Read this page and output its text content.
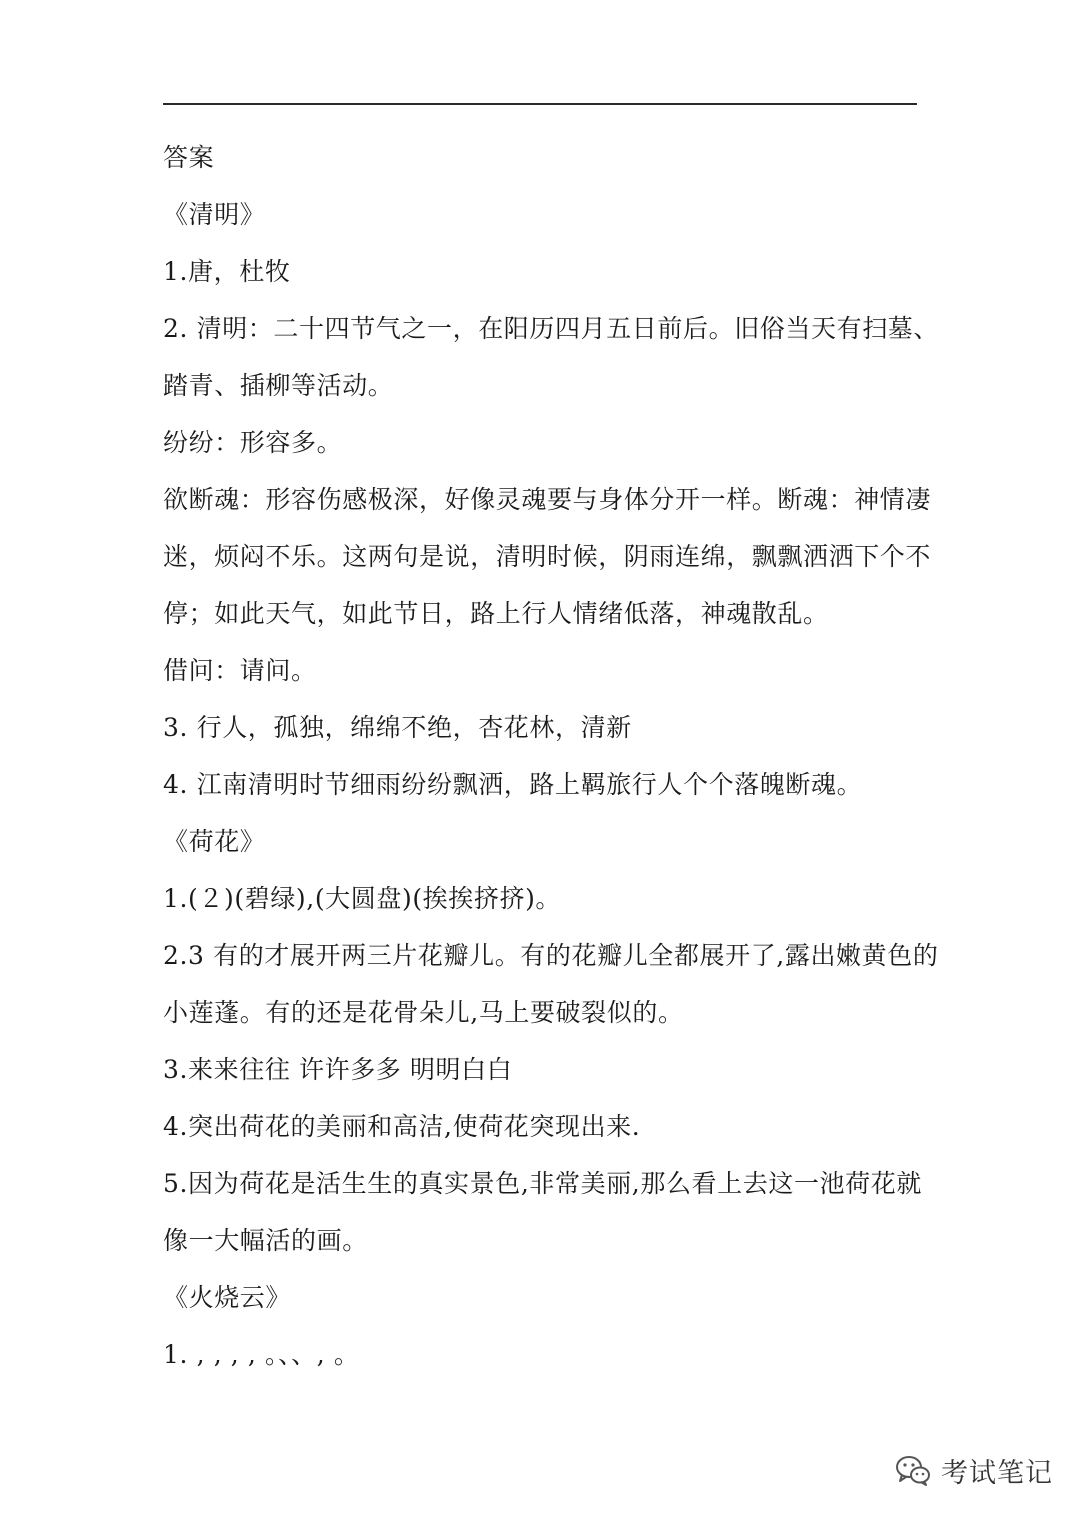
答案
《清明》
1.唐，杜牧
2. 清明：二十四节气之一，在阳历四月五日前后。旧俗当天有扫墓、
踏青、插柳等活动。
纷纷：形容多。
欲断魂：形容伤感极深，好像灵魂要与身体分开一样。断魂：神情凄
迷，烦闷不乐。这两句是说，清明时候，阴雨连绵，飘飘洒洒下个不
停；如此天气，如此节日，路上行人情绪低落，神魂散乱。
借问：请问。
3. 行人，孤独，绵绵不绝，杏花林，清新
4. 江南清明时节细雨纷纷飘洒，路上羁旅行人个个落魄断魂。
《荷花》
1.(２)(碧绿),(大圆盘)(挨挨挤挤)。
2.3 有的才展开两三片花瓣儿。有的花瓣儿全都展开了,露出嫩黄色的
小莲蓬。有的还是花骨朵儿,马上要破裂似的。
3.来来往往 许许多多 明明白白
4.突出荷花的美丽和高洁,使荷花突现出来.
5.因为荷花是活生生的真实景色,非常美丽,那么看上去这一池荷花就
像一大幅活的画。
《火烧云》
1. , , , , 。、、, 。
考试笔记
